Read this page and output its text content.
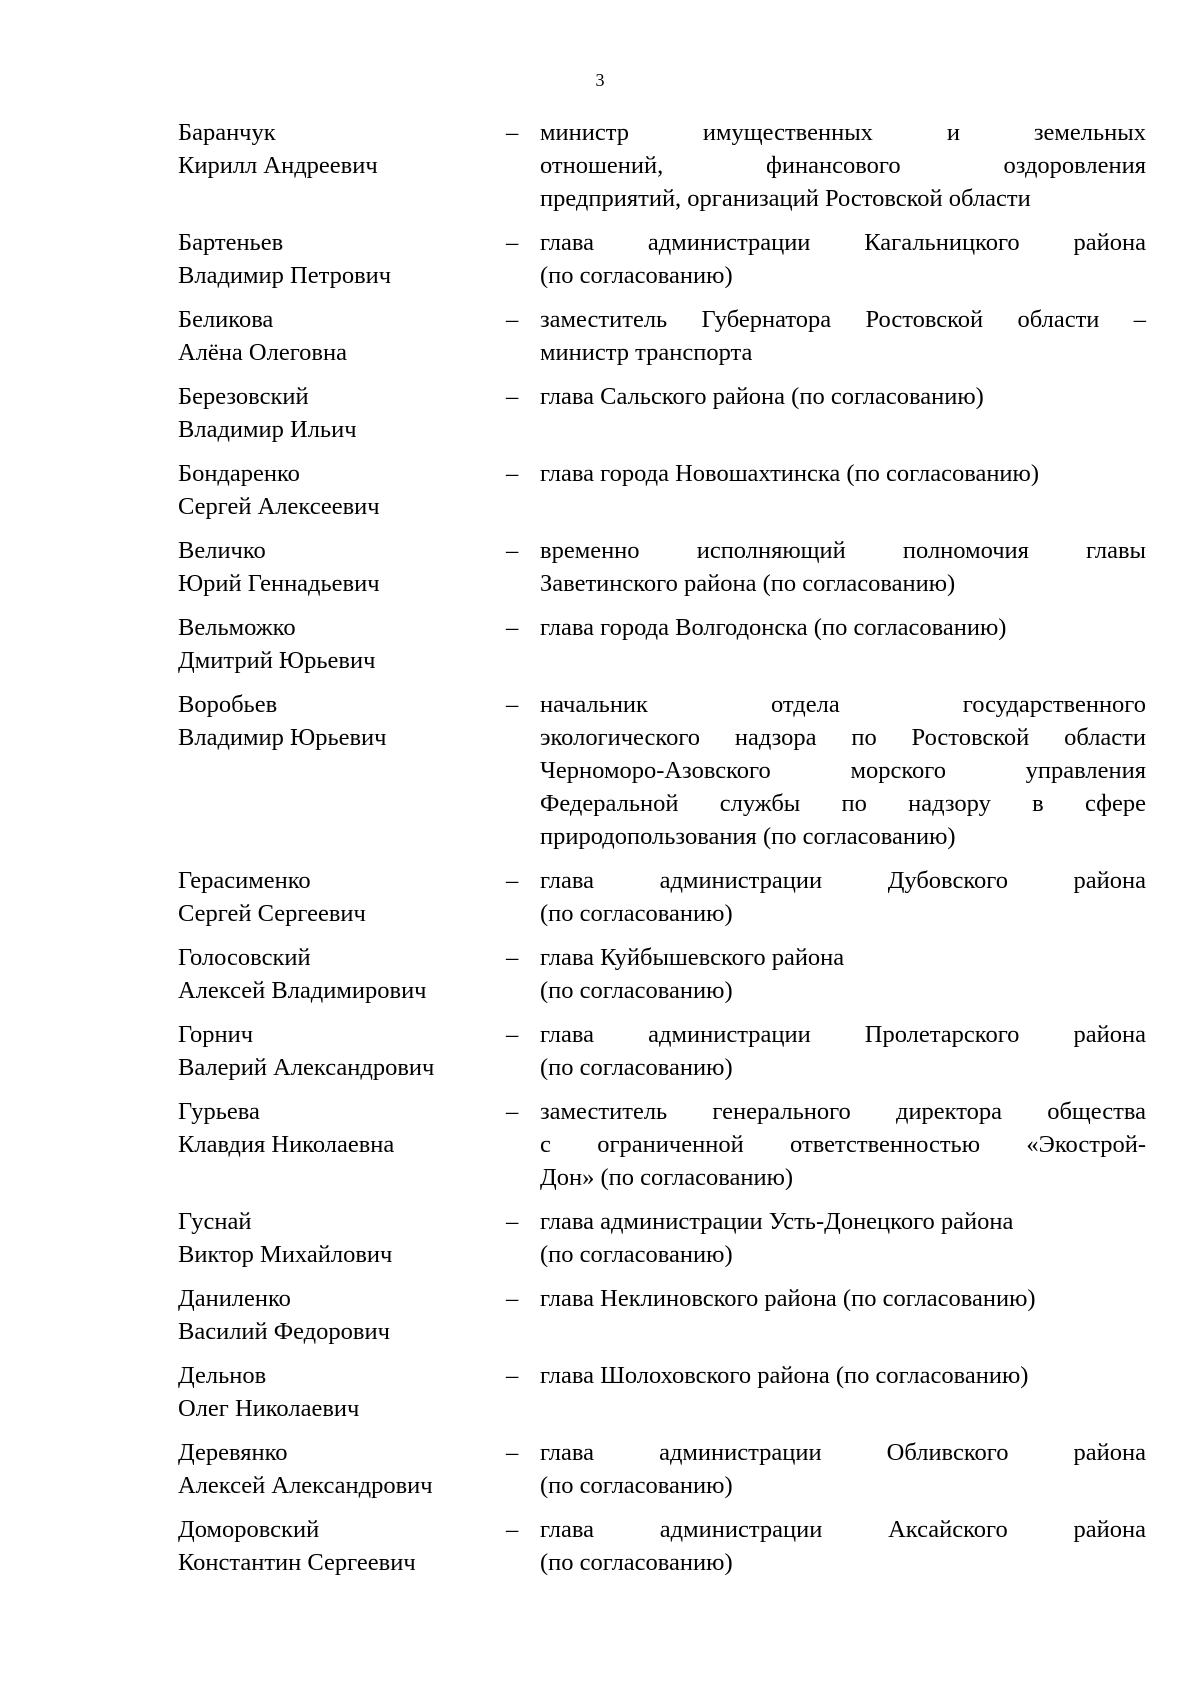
3
Баранчук
Кирилл Андреевич
– министр имущественных и земельных
отношений, финансового оздоровления
предприятий, организаций Ростовской области
Бартеньев
Владимир Петрович
– глава администрации Кагальницкого района
(по согласованию)
Беликова
Алёна Олеговна
– заместитель Губернатора Ростовской области –
министр транспорта
Березовский
Владимир Ильич
– глава Сальского района (по согласованию)
Бондаренко
Сергей Алексеевич
– глава города Новошахтинска (по согласованию)
Величко
Юрий Геннадьевич
– временно исполняющий полномочия главы
Заветинского района (по согласованию)
Вельможко
Дмитрий Юрьевич
– глава города Волгодонска (по согласованию)
Воробьев
Владимир Юрьевич
– начальник отдела государственного
экологического надзора по Ростовской области
Черноморо-Азовского морского управления
Федеральной службы по надзору в сфере
природопользования (по согласованию)
Герасименко
Сергей Сергеевич
– глава администрации Дубовского района
(по согласованию)
Голосовский
Алексей Владимирович
– глава Куйбышевского района
(по согласованию)
Горнич
Валерий Александрович
– глава администрации Пролетарского района
(по согласованию)
Гурьева
Клавдия Николаевна
– заместитель генерального директора общества
с ограниченной ответственностью «Экострой-
Дон» (по согласованию)
Гуснай
Виктор Михайлович
– глава администрации Усть-Донецкого района
(по согласованию)
Даниленко
Василий Федорович
– глава Неклиновского района (по согласованию)
Дельнов
Олег Николаевич
– глава Шолоховского района (по согласованию)
Деревянко
Алексей Александрович
– глава администрации Обливского района
(по согласованию)
Доморовский
Константин Сергеевич
– глава администрации Аксайского района
(по согласованию)
